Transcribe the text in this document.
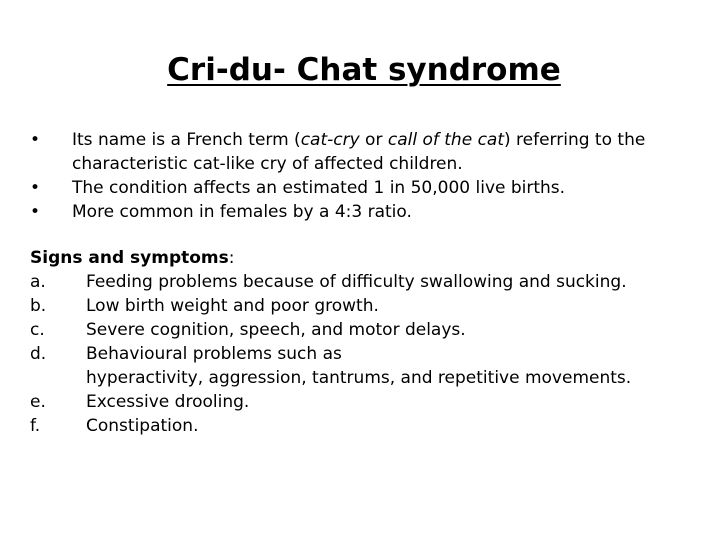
Cri-du- Chat syndrome
•	Its name is a French term (cat-cry or call of the cat) referring to the characteristic cat-like cry of affected children.
•	The condition affects an estimated 1 in 50,000 live births.
•	More common in females by a 4:3 ratio.

Signs and symptoms:

a.	Feeding problems because of difficulty swallowing and sucking.
b.	Low birth weight and poor growth.
c.	Severe cognition, speech, and motor delays.
d.	Behavioural problems such as
hyperactivity, aggression, tantrums, and repetitive movements.
e.	Excessive drooling.
f.	Constipation.
